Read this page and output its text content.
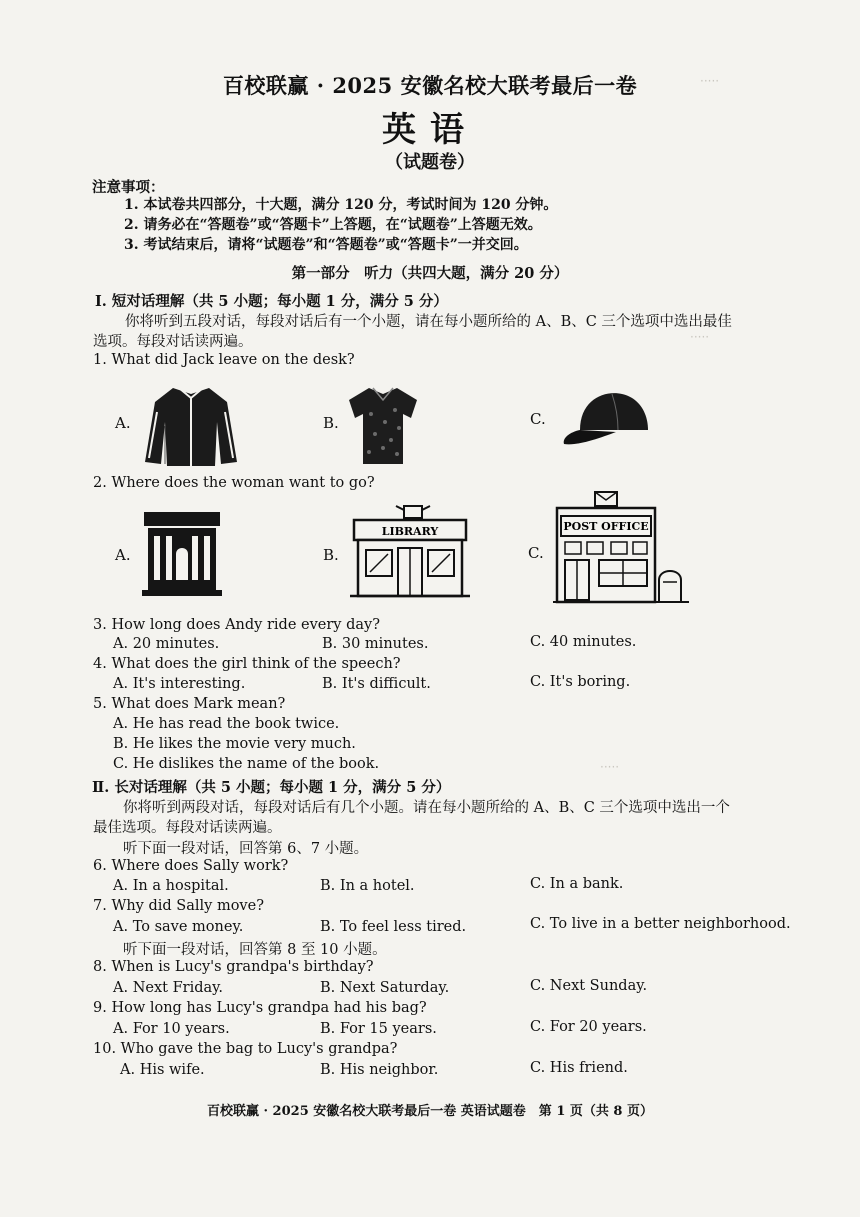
·····
·····
·····
百校联赢 · 2025 安徽名校大联考最后一卷
英语
（试题卷）
注意事项：
1. 本试卷共四部分，十大题，满分 120 分，考试时间为 120 分钟。
2. 请务必在“答题卷”或“答题卡”上答题，在“试题卷”上答题无效。
3. 考试结束后，请将“试题卷”和“答题卷”或“答题卡”一并交回。
第一部分　听力（共四大题，满分 20 分）
Ⅰ. 短对话理解（共 5 小题；每小题 1 分，满分 5 分）
你将听到五段对话，每段对话后有一个小题，请在每小题所给的 A、B、C 三个选项中选出最佳
选项。每段对话读两遍。
1. What did Jack leave on the desk?
A.	B.	C.
2. Where does the woman want to go?
A.	B.	C.
LIBRARY	POST OFFICE
3. How long does Andy ride every day?
A. 20 minutes.	B. 30 minutes.	C. 40 minutes.
4. What does the girl think of the speech?
A. It's interesting.	B. It's difficult.	C. It's boring.
5. What does Mark mean?
A. He has read the book twice.
B. He likes the movie very much.
C. He dislikes the name of the book.
Ⅱ. 长对话理解（共 5 小题；每小题 1 分，满分 5 分）
你将听到两段对话，每段对话后有几个小题。请在每小题所给的 A、B、C 三个选项中选出一个
最佳选项。每段对话读两遍。
听下面一段对话，回答第 6、7 小题。
6. Where does Sally work?
A. In a hospital.	B. In a hotel.	C. In a bank.
7. Why did Sally move?
A. To save money.	B. To feel less tired.	C. To live in a better neighborhood.
听下面一段对话，回答第 8 至 10 小题。
8. When is Lucy's grandpa's birthday?
A. Next Friday.	B. Next Saturday.	C. Next Sunday.
9. How long has Lucy's grandpa had his bag?
A. For 10 years.	B. For 15 years.	C. For 20 years.
10. Who gave the bag to Lucy's grandpa?
A. His wife.	B. His neighbor.	C. His friend.
百校联赢 · 2025 安徽名校大联考最后一卷 英语试题卷　第 1 页（共 8 页）
